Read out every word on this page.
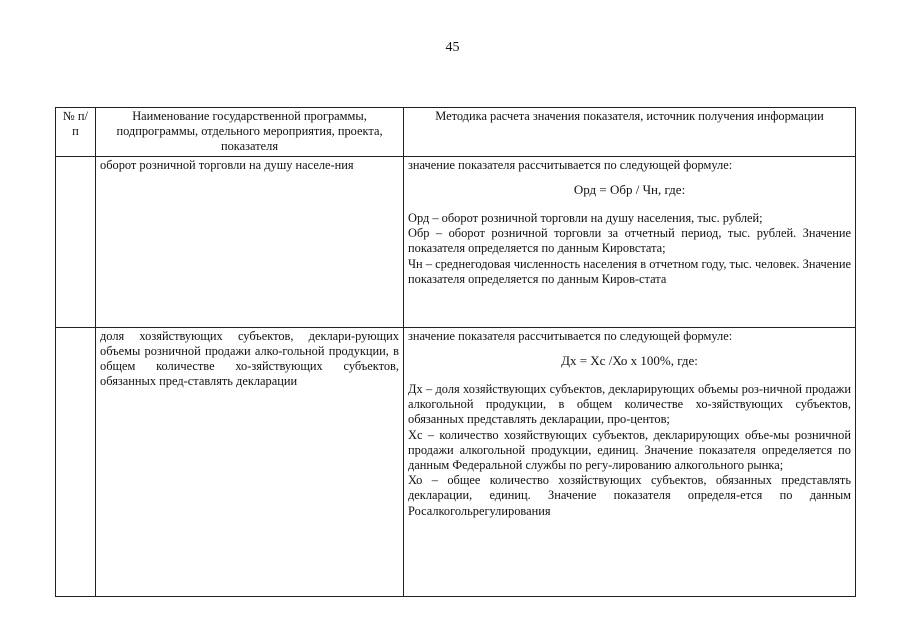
45
№ п/п	Наименование государственной программы, подпрограммы, отдельного мероприятия, проекта, показателя	Методика расчета значения показателя, источник получения информации
	оборот розничной торговли на душу населе-ния	значение показателя рассчитывается по следующей формуле:
Орд = Обр / Чн, где:
Орд – оборот розничной торговли на душу населения, тыс. рублей;
Обр – оборот розничной торговли за отчетный период, тыс. рублей. Значение показателя определяется по данным Кировстата;
Чн – среднегодовая численность населения в отчетном году, тыс. человек. Значение показателя определяется по данным Киров-стата

	доля хозяйствующих субъектов, деклари-рующих объемы розничной продажи алко-гольной продукции, в общем количестве хо-зяйствующих субъектов, обязанных пред-ставлять декларации	значение показателя рассчитывается по следующей формуле:
Дх = Хс /Хо х 100%, где:
Дх – доля хозяйствующих субъектов, декларирующих объемы роз-ничной продажи алкогольной продукции, в общем количестве хо-зяйствующих субъектов, обязанных представлять декларации, про-центов;
Хс – количество хозяйствующих субъектов, декларирующих объе-мы розничной продажи алкогольной продукции, единиц. Значение показателя определяется по данным Федеральной службы по регу-лированию алкогольного рынка;
Хо – общее количество хозяйствующих субъектов, обязанных представлять декларации, единиц. Значение показателя определя-ется по данным Росалкогольрегулирования
